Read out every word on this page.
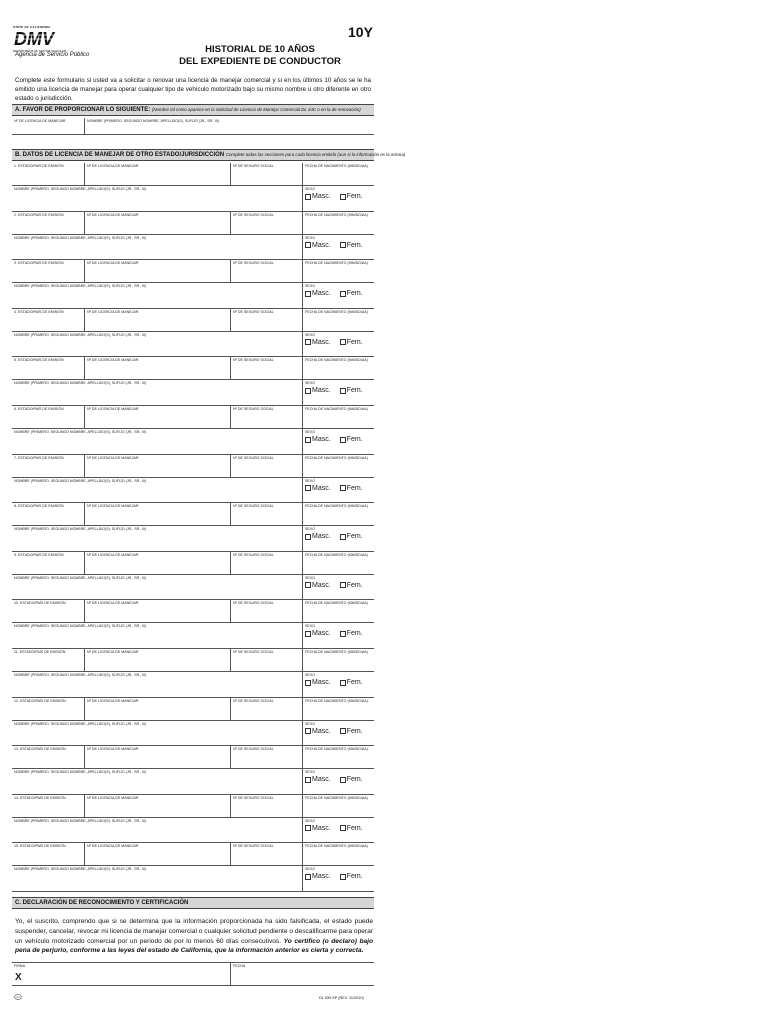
STATE OF CALIFORNIA
DMV
DEPARTMENT OF MOTOR VEHICLES
Agencia de Servicio Público
10Y
HISTORIAL DE 10 AÑOS
DEL EXPEDIENTE DE CONDUCTOR
Complete este formulario si usted va a solicitar o renovar una licencia de manejar comercial y si en los últimos 10 años se le ha emitido una licencia de manejar para operar cualquier tipo de vehículo motorizado bajo su mismo nombre u otro diferente en otro estado o jurisdicción.
A. FAVOR DE PROPORCIONAR LO SIGUIENTE: (Nombre tal como aparece en la Solicitud de Licencia de Manejar Comercial DL 44C o en la de renovación)
Nº DE LICENCIA DE MANEJAR	NOMBRE (PRIMERO, SEGUNDO NOMBRE, APELLIDO(S), SUFIJO (JR., SR., III)
B. DATOS DE LICENCIA DE MANEJAR DE OTRO ESTADO/JURISDICCIÓN Complete todas las secciones para cada licencia emitida (aun si la información es la misma)
1. ESTADO/PAÍS DE EMISIÓN	Nº DE LICENCIA DE MANEJAR	Nº DE SEGURO SOCIAL	FECHA DE NACIMIENTO (MM/DD/AA)
NOMBRE (PRIMERO, SEGUNDO NOMBRE, APELLIDO(S), SUFIJO (JR., SR., III)	SEXO
Masc. Fem.
2. ESTADO/PAÍS DE EMISIÓN	Nº DE LICENCIA DE MANEJAR	Nº DE SEGURO SOCIAL	FECHA DE NACIMIENTO (MM/DD/AA)
NOMBRE (PRIMERO, SEGUNDO NOMBRE, APELLIDO(S), SUFIJO (JR., SR., III)	SEXO
Masc. Fem.
3. ESTADO/PAÍS DE EMISIÓN	Nº DE LICENCIA DE MANEJAR	Nº DE SEGURO SOCIAL	FECHA DE NACIMIENTO (MM/DD/AA)
NOMBRE (PRIMERO, SEGUNDO NOMBRE, APELLIDO(S), SUFIJO (JR., SR., III)	SEXO
Masc. Fem.
4. ESTADO/PAÍS DE EMISIÓN	Nº DE LICENCIA DE MANEJAR	Nº DE SEGURO SOCIAL	FECHA DE NACIMIENTO (MM/DD/AA)
NOMBRE (PRIMERO, SEGUNDO NOMBRE, APELLIDO(S), SUFIJO (JR., SR., III)	SEXO
Masc. Fem.
5. ESTADO/PAÍS DE EMISIÓN	Nº DE LICENCIA DE MANEJAR	Nº DE SEGURO SOCIAL	FECHA DE NACIMIENTO (MM/DD/AA)
NOMBRE (PRIMERO, SEGUNDO NOMBRE, APELLIDO(S), SUFIJO (JR., SR., III)	SEXO
Masc. Fem.
6. ESTADO/PAÍS DE EMISIÓN	Nº DE LICENCIA DE MANEJAR	Nº DE SEGURO SOCIAL	FECHA DE NACIMIENTO (MM/DD/AA)
NOMBRE (PRIMERO, SEGUNDO NOMBRE, APELLIDO(S), SUFIJO (JR., SR., III)	SEXO
Masc. Fem.
7. ESTADO/PAÍS DE EMISIÓN	Nº DE LICENCIA DE MANEJAR	Nº DE SEGURO SOCIAL	FECHA DE NACIMIENTO (MM/DD/AA)
NOMBRE (PRIMERO, SEGUNDO NOMBRE, APELLIDO(S), SUFIJO (JR., SR., III)	SEXO
Masc. Fem.
8. ESTADO/PAÍS DE EMISIÓN	Nº DE LICENCIA DE MANEJAR	Nº DE SEGURO SOCIAL	FECHA DE NACIMIENTO (MM/DD/AA)
NOMBRE (PRIMERO, SEGUNDO NOMBRE, APELLIDO(S), SUFIJO (JR., SR., III)	SEXO
Masc. Fem.
9. ESTADO/PAÍS DE EMISIÓN	Nº DE LICENCIA DE MANEJAR	Nº DE SEGURO SOCIAL	FECHA DE NACIMIENTO (MM/DD/AA)
NOMBRE (PRIMERO, SEGUNDO NOMBRE, APELLIDO(S), SUFIJO (JR., SR., III)	SEXO
Masc. Fem.
10. ESTADO/PAÍS DE EMISIÓN	Nº DE LICENCIA DE MANEJAR	Nº DE SEGURO SOCIAL	FECHA DE NACIMIENTO (MM/DD/AA)
NOMBRE (PRIMERO, SEGUNDO NOMBRE, APELLIDO(S), SUFIJO (JR., SR., III)	SEXO
Masc. Fem.
11. ESTADO/PAÍS DE EMISIÓN	Nº DE LICENCIA DE MANEJAR	Nº DE SEGURO SOCIAL	FECHA DE NACIMIENTO (MM/DD/AA)
NOMBRE (PRIMERO, SEGUNDO NOMBRE, APELLIDO(S), SUFIJO (JR., SR., III)	SEXO
Masc. Fem.
12. ESTADO/PAÍS DE EMISIÓN	Nº DE LICENCIA DE MANEJAR	Nº DE SEGURO SOCIAL	FECHA DE NACIMIENTO (MM/DD/AA)
NOMBRE (PRIMERO, SEGUNDO NOMBRE, APELLIDO(S), SUFIJO (JR., SR., III)	SEXO
Masc. Fem.
13. ESTADO/PAÍS DE EMISIÓN	Nº DE LICENCIA DE MANEJAR	Nº DE SEGURO SOCIAL	FECHA DE NACIMIENTO (MM/DD/AA)
NOMBRE (PRIMERO, SEGUNDO NOMBRE, APELLIDO(S), SUFIJO (JR., SR., III)	SEXO
Masc. Fem.
14. ESTADO/PAÍS DE EMISIÓN	Nº DE LICENCIA DE MANEJAR	Nº DE SEGURO SOCIAL	FECHA DE NACIMIENTO (MM/DD/AA)
NOMBRE (PRIMERO, SEGUNDO NOMBRE, APELLIDO(S), SUFIJO (JR., SR., III)	SEXO
Masc. Fem.
15. ESTADO/PAÍS DE EMISIÓN	Nº DE LICENCIA DE MANEJAR	Nº DE SEGURO SOCIAL	FECHA DE NACIMIENTO (MM/DD/AA)
NOMBRE (PRIMERO, SEGUNDO NOMBRE, APELLIDO(S), SUFIJO (JR., SR., III)	SEXO
Masc. Fem.
C. DECLARACIÓN DE RECONOCIMIENTO Y CERTIFICACIÓN
Yo, el suscrito, comprendo que si se determina que la información proporcionada ha sido falsificada, el estado puede suspender, cancelar, revocar mi licencia de manejar comercial o cualquier solicitud pendiente o descalificarme para operar un vehículo motorizado comercial por un periodo de por lo menos 60 días consecutivos. Yo certifico (o declaro) bajo pena de perjurio, conforme a las leyes del estado de California, que la información anterior es cierta y correcta.
FIRMA
X
FECHA
DL 939 SP (REV. 11/2010)
